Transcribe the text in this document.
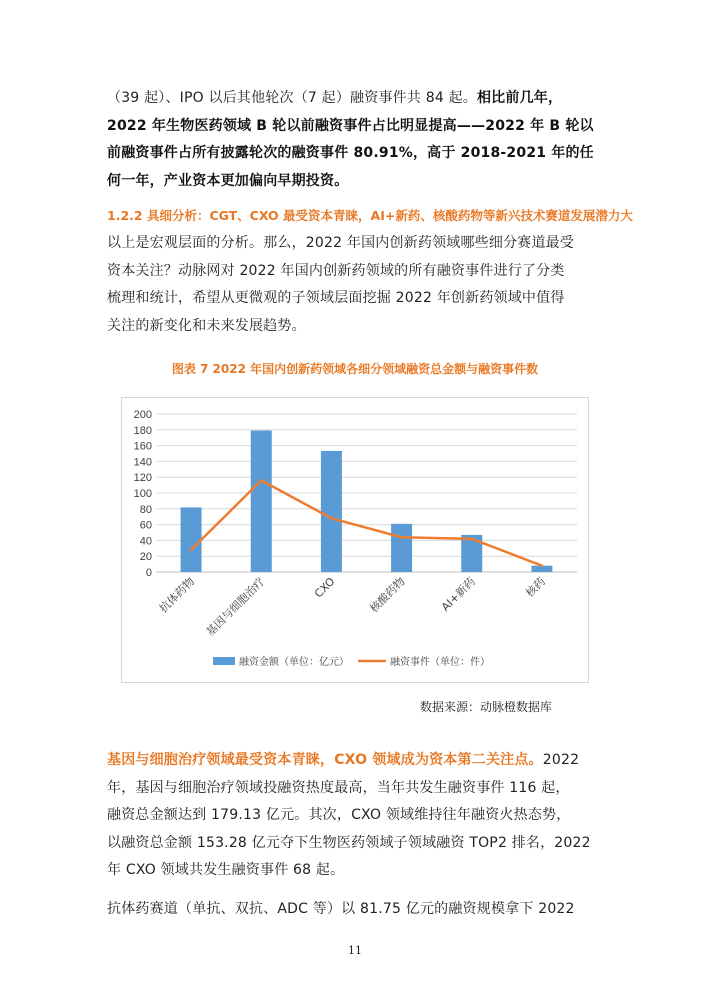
（39 起）、IPO 以后其他轮次（7 起）融资事件共 84 起。相比前几年，
2022 年生物医药领域 B 轮以前融资事件占比明显提高——2022 年 B 轮以
前融资事件占所有披露轮次的融资事件 80.91%，高于 2018-2021 年的任
何一年，产业资本更加偏向早期投资。
1.2.2 具细分析：CGT、CXO 最受资本青睐，AI+新药、核酸药物等新兴技术赛道发展潜力大
以上是宏观层面的分析。那么，2022 年国内创新药领域哪些细分赛道最受
资本关注？动脉网对 2022 年国内创新药领域的所有融资事件进行了分类
梳理和统计，希望从更微观的子领域层面挖掘 2022 年创新药领域中值得
关注的新变化和未来发展趋势。
图表 7 2022 年国内创新药领域各细分领域融资总金额与融资事件数
0
20
40
60
80
100
120
140
160
180
200
抗体药物 基因与细胞治疗	CXO	核酸药物	AI+新药	核药
融资金额（单位：亿元）	融资事件（单位：件）
数据来源：动脉橙数据库
基因与细胞治疗领域最受资本青睐，CXO 领域成为资本第二关注点。2022
年，基因与细胞治疗领域投融资热度最高，当年共发生融资事件 116 起，
融资总金额达到 179.13 亿元。其次，CXO 领域维持往年融资火热态势，
以融资总金额 153.28 亿元夺下生物医药领域子领域融资 TOP2 排名，2022
年 CXO 领域共发生融资事件 68 起。
抗体药赛道（单抗、双抗、ADC 等）以 81.75 亿元的融资规模拿下 2022
11
